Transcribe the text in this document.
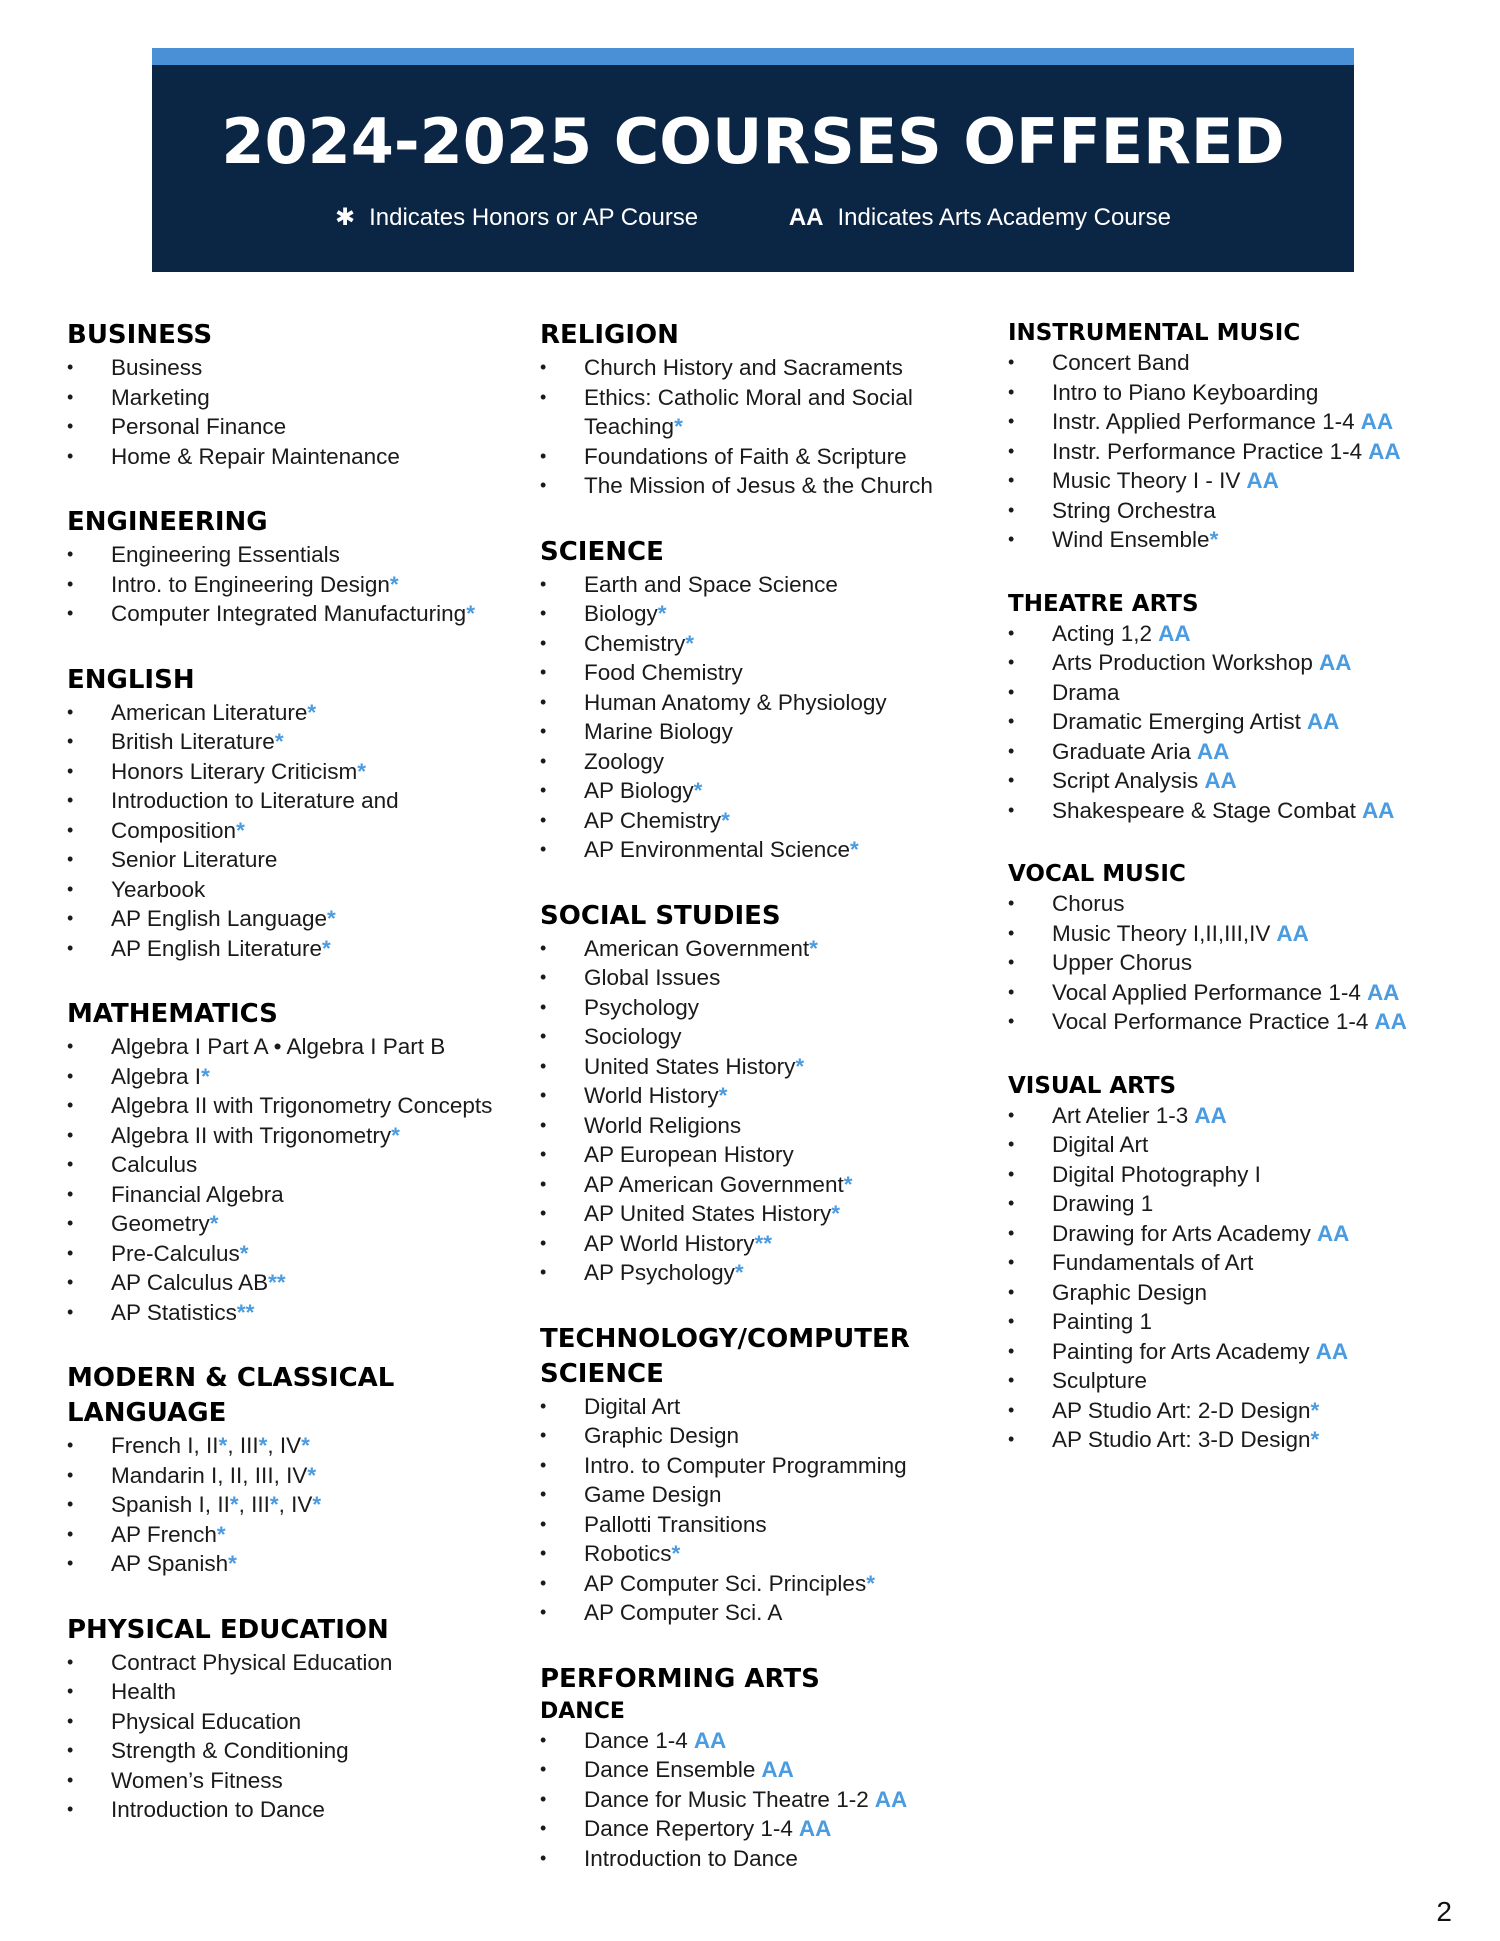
2024-2025 COURSES OFFERED
✱ Indicates Honors or AP Course	AA Indicates Arts Academy Course
BUSINESS
• Business
• Marketing
• Personal Finance
• Home & Repair Maintenance
ENGINEERING
• Engineering Essentials
• Intro. to Engineering Design*
• Computer Integrated Manufacturing*
ENGLISH
• American Literature*
• British Literature*
• Honors Literary Criticism*
• Introduction to Literature and
• Composition*
• Senior Literature
• Yearbook
• AP English Language*
• AP English Literature*
MATHEMATICS
• Algebra I Part A • Algebra I Part B
• Algebra I*
• Algebra II with Trigonometry Concepts
• Algebra II with Trigonometry*
• Calculus
• Financial Algebra
• Geometry*
• Pre-Calculus*
• AP Calculus AB**
• AP Statistics**
MODERN & CLASSICAL LANGUAGE
• French I, II*, III*, IV*
• Mandarin I, II, III, IV*
• Spanish I, II*, III*, IV*
• AP French*
• AP Spanish*
PHYSICAL EDUCATION
• Contract Physical Education
• Health
• Physical Education
• Strength & Conditioning
• Women’s Fitness
• Introduction to Dance
RELIGION
• Church History and Sacraments
• Ethics: Catholic Moral and Social Teaching*
• Foundations of Faith & Scripture
• The Mission of Jesus & the Church
SCIENCE
• Earth and Space Science
• Biology*
• Chemistry*
• Food Chemistry
• Human Anatomy & Physiology
• Marine Biology
• Zoology
• AP Biology*
• AP Chemistry*
• AP Environmental Science*
SOCIAL STUDIES
• American Government*
• Global Issues
• Psychology
• Sociology
• United States History*
• World History*
• World Religions
• AP European History
• AP American Government*
• AP United States History*
• AP World History**
• AP Psychology*
TECHNOLOGY/COMPUTER SCIENCE
• Digital Art
• Graphic Design
• Intro. to Computer Programming
• Game Design
• Pallotti Transitions
• Robotics*
• AP Computer Sci. Principles*
• AP Computer Sci. A
PERFORMING ARTS
DANCE
• Dance 1-4 AA
• Dance Ensemble AA
• Dance for Music Theatre 1-2 AA
• Dance Repertory 1-4 AA
• Introduction to Dance
INSTRUMENTAL MUSIC
• Concert Band
• Intro to Piano Keyboarding
• Instr. Applied Performance 1-4 AA
• Instr. Performance Practice 1-4 AA
• Music Theory I - IV AA
• String Orchestra
• Wind Ensemble*
THEATRE ARTS
• Acting 1,2 AA
• Arts Production Workshop AA
• Drama
• Dramatic Emerging Artist AA
• Graduate Aria AA
• Script Analysis AA
• Shakespeare & Stage Combat AA
VOCAL MUSIC
• Chorus
• Music Theory I,II,III,IV AA
• Upper Chorus
• Vocal Applied Performance 1-4 AA
• Vocal Performance Practice 1-4 AA
VISUAL ARTS
• Art Atelier 1-3 AA
• Digital Art
• Digital Photography I
• Drawing 1
• Drawing for Arts Academy AA
• Fundamentals of Art
• Graphic Design
• Painting 1
• Painting for Arts Academy AA
• Sculpture
• AP Studio Art: 2-D Design*
• AP Studio Art: 3-D Design*
2
